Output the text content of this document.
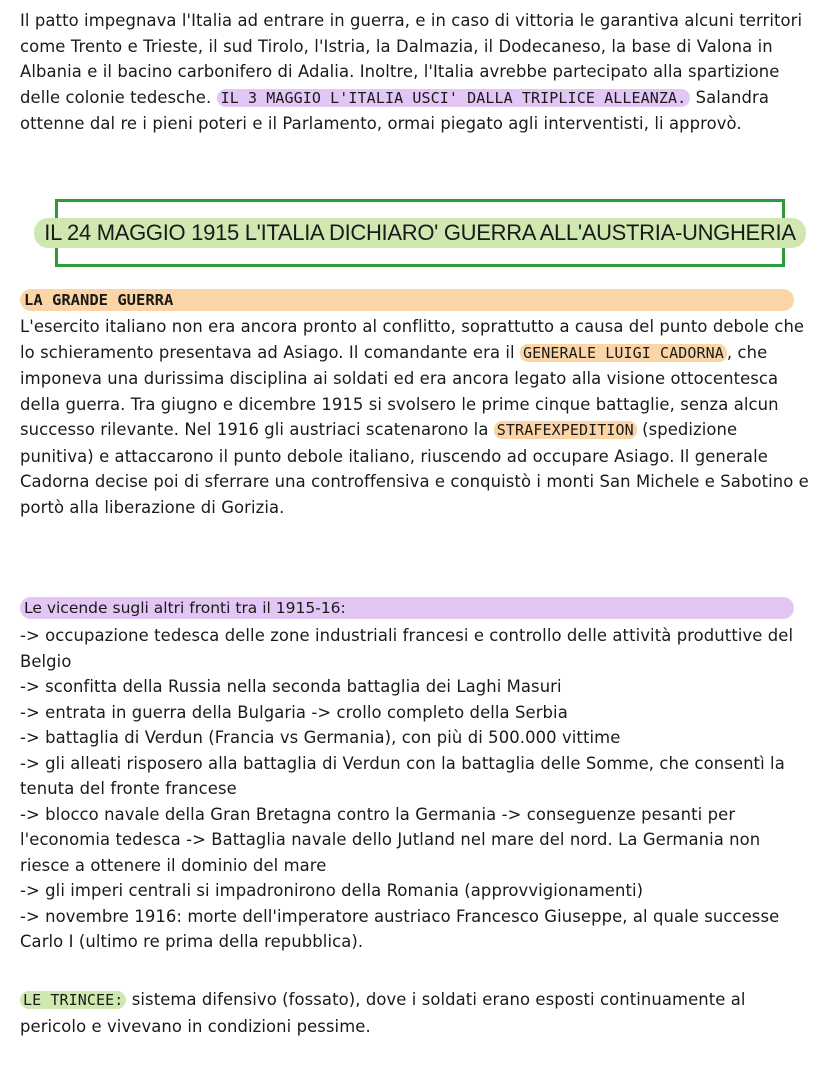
Il patto impegnava l'Italia ad entrare in guerra, e in caso di vittoria le garantiva alcuni territori come Trento e Trieste, il sud Tirolo, l'Istria, la Dalmazia, il Dodecaneso, la base di Valona in Albania e il bacino carbonifero di Adalia. Inoltre, l'Italia avrebbe partecipato alla spartizione delle colonie tedesche. IL 3 MAGGIO L'ITALIA USCI' DALLA TRIPLICE ALLEANZA. Salandra ottenne dal re i pieni poteri e il Parlamento, ormai piegato agli interventisti, li approvò.

IL 24 MAGGIO 1915 L'ITALIA DICHIARO' GUERRA ALL'AUSTRIA-UNGHERIA
LA GRANDE GUERRA

L'esercito italiano non era ancora pronto al conflitto, soprattutto a causa del punto debole che lo schieramento presentava ad Asiago. Il comandante era il GENERALE LUIGI CADORNA , che imponeva una durissima disciplina ai soldati ed era ancora legato alla visione ottocentesca della guerra. Tra giugno e dicembre 1915 si svolsero le prime cinque battaglie, senza alcun successo rilevante. Nel 1916 gli austriaci scatenarono la STRAFEXPEDITION (spedizione punitiva) e attaccarono il punto debole italiano, riuscendo ad occupare Asiago. Il generale Cadorna decise poi di sferrare una controffensiva e conquistò i monti San Michele e Sabotino e portò alla liberazione di Gorizia.

Le vicende sugli altri fronti tra il 1915-16:
-> occupazione tedesca delle zone industriali francesi e controllo delle attività produttive del Belgio
-> sconfitta della Russia nella seconda battaglia dei Laghi Masuri
-> entrata in guerra della Bulgaria -> crollo completo della Serbia
-> battaglia di Verdun (Francia vs Germania), con più di 500.000 vittime
-> gli alleati risposero alla battaglia di Verdun con la battaglia delle Somme, che consentì la tenuta del fronte francese
-> blocco navale della Gran Bretagna contro la Germania -> conseguenze pesanti per l'economia tedesca -> Battaglia navale dello Jutland nel mare del nord. La Germania non riesce a ottenere il dominio del mare
-> gli imperi centrali si impadronirono della Romania (approvvigionamenti)
-> novembre 1916: morte dell'imperatore austriaco Francesco Giuseppe, al quale successe Carlo I (ultimo re prima della repubblica).

LE TRINCEE: sistema difensivo (fossato), dove i soldati erano esposti continuamente al pericolo e vivevano in condizioni pessime.
